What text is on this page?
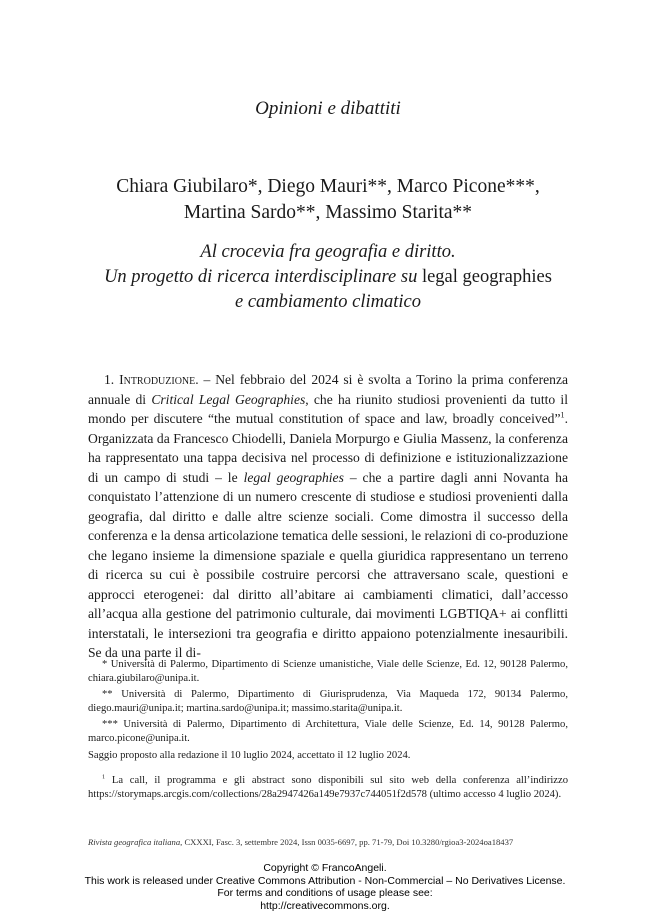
Opinioni e dibattiti
Chiara Giubilaro*, Diego Mauri**, Marco Picone***,
Martina Sardo**, Massimo Starita**
Al crocevia fra geografia e diritto.
Un progetto di ricerca interdisciplinare su legal geographies
e cambiamento climatico

1. Introduzione. – Nel febbraio del 2024 si è svolta a Torino la prima conferenza annuale di Critical Legal Geographies, che ha riunito studiosi provenienti da tutto il mondo per discutere “the mutual constitution of space and law, broadly conceived”$^1$. Organizzata da Francesco Chiodelli, Daniela Morpurgo e Giulia Massenz, la conferenza ha rappresentato una tappa decisiva nel processo di definizione e istituzionalizzazione di un campo di studi – le legal geographies – che a partire dagli anni Novanta ha conquistato l’attenzione di un numero crescente di studiose e studiosi provenienti dalla geografia, dal diritto e dalle altre scienze sociali. Come dimostra il successo della conferenza e la densa articolazione tematica delle sessioni, le relazioni di co-produzione che legano insieme la dimensione spaziale e quella giuridica rappresentano un terreno di ricerca su cui è possibile costruire percorsi che attraversano scale, questioni e approcci eterogenei: dal diritto all’abitare ai cambiamenti climatici, dall’accesso all’acqua alla gestione del patrimonio culturale, dai movimenti LGBTIQA+ ai conflitti interstatali, le intersezioni tra geografia e diritto appaiono potenzialmente inesauribili. Se da una parte il di-

* Università di Palermo, Dipartimento di Scienze umanistiche, Viale delle Scienze, Ed. 12, 90128 Palermo, chiara.giubilaro@unipa.it.

** Università di Palermo, Dipartimento di Giurisprudenza, Via Maqueda 172, 90134 Palermo, diego.mauri@unipa.it; martina.sardo@unipa.it; massimo.starita@unipa.it.

*** Università di Palermo, Dipartimento di Architettura, Viale delle Scienze, Ed. 14, 90128 Palermo, marco.picone@unipa.it.

Saggio proposto alla redazione il 10 luglio 2024, accettato il 12 luglio 2024.

$^1$ La call, il programma e gli abstract sono disponibili sul sito web della conferenza all’indirizzo https://storymaps.arcgis.com/collections/28a2947426a149e7937c744051f2d578 (ultimo accesso 4 luglio 2024).

Rivista geografica italiana, CXXXI, Fasc. 3, settembre 2024, Issn 0035-6697, pp. 71-79, Doi 10.3280/rgioa3-2024oa18437
Copyright © FrancoAngeli.
This work is released under Creative Commons Attribution - Non-Commercial – No Derivatives License.
For terms and conditions of usage please see:
http://creativecommons.org.
